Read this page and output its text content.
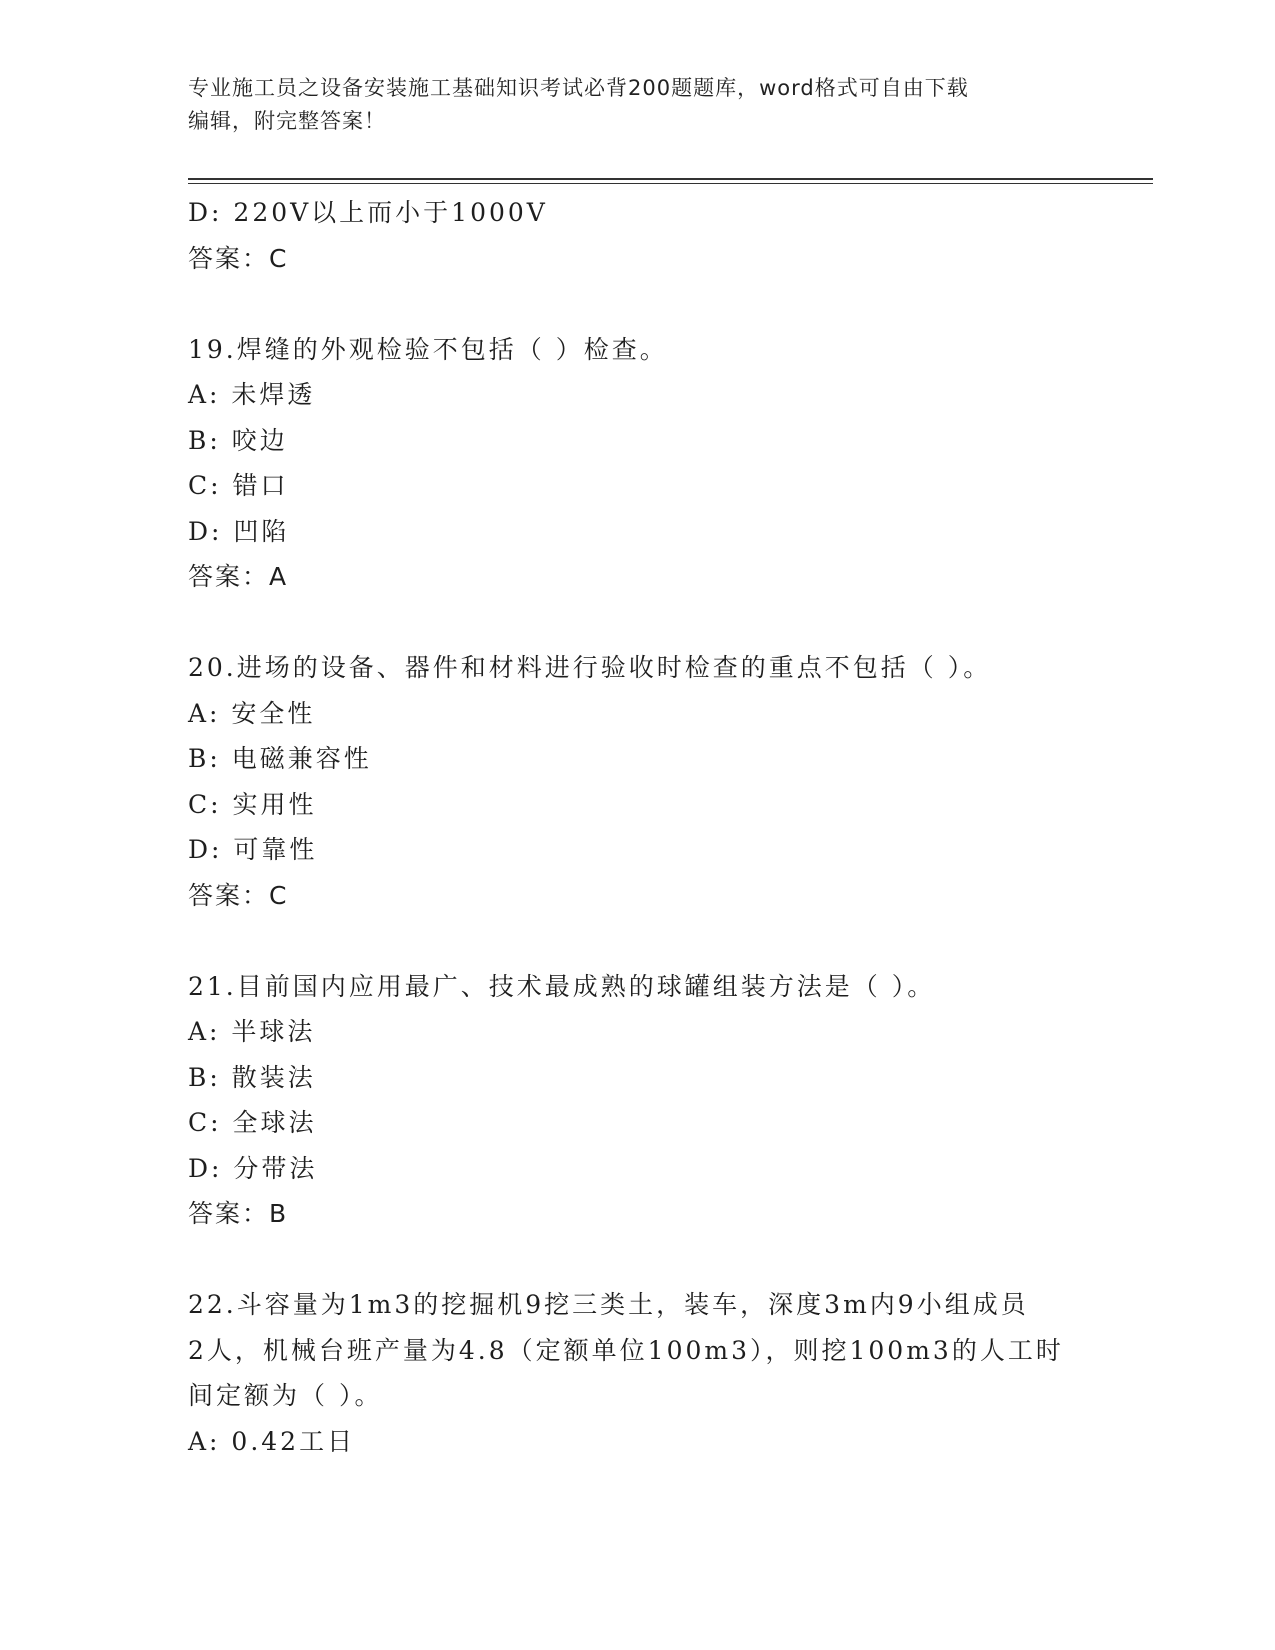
专业施工员之设备安装施工基础知识考试必背200题题库，word格式可自由下载
编辑，附完整答案！
D: 220V以上而小于1000V
答案：C
19.焊缝的外观检验不包括（ ）检查。
A: 未焊透
B: 咬边
C: 错口
D: 凹陷
答案：A
20.进场的设备、器件和材料进行验收时检查的重点不包括（ ）。
A: 安全性
B: 电磁兼容性
C: 实用性
D: 可靠性
答案：C
21.目前国内应用最广、技术最成熟的球罐组装方法是（ ）。
A: 半球法
B: 散装法
C: 全球法
D: 分带法
答案：B
22.斗容量为1m3的挖掘机9挖三类土，装车，深度3m内9小组成员
2人，机械台班产量为4.8（定额单位100m3），则挖100m3的人工时
间定额为（ ）。
A: 0.42工日
